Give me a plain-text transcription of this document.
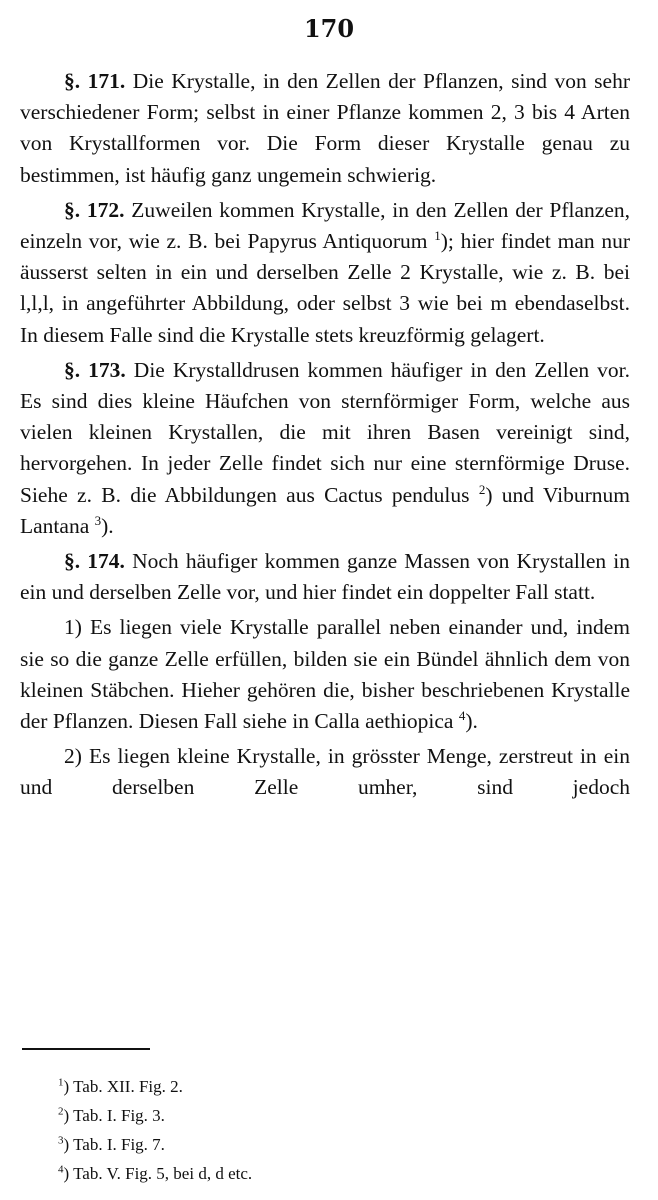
170

§. 171. Die Krystalle, in den Zellen der Pflanzen, sind von sehr verschiedener Form; selbst in einer Pflanze kommen 2, 3 bis 4 Arten von Krystallformen vor. Die Form dieser Krystalle genau zu bestimmen, ist häufig ganz ungemein schwierig.

§. 172. Zuweilen kommen Krystalle, in den Zellen der Pflanzen, einzeln vor, wie z. B. bei Papyrus Antiquorum $^1$); hier findet man nur äusserst selten in ein und derselben Zelle 2 Krystalle, wie z. B. bei l,l,l, in angeführter Abbildung, oder selbst 3 wie bei m ebendaselbst. In diesem Falle sind die Krystalle stets kreuzförmig gelagert.

§. 173. Die Krystalldrusen kommen häufiger in den Zellen vor. Es sind dies kleine Häufchen von sternförmiger Form, welche aus vielen kleinen Krystallen, die mit ihren Basen vereinigt sind, hervorgehen. In jeder Zelle findet sich nur eine sternförmige Druse. Siehe z. B. die Abbildungen aus Cactus pendulus $^2$) und Viburnum Lantana $^3$).

§. 174. Noch häufiger kommen ganze Massen von Krystallen in ein und derselben Zelle vor, und hier findet ein doppelter Fall statt.

1) Es liegen viele Krystalle parallel neben einander und, indem sie so die ganze Zelle erfüllen, bilden sie ein Bündel ähnlich dem von kleinen Stäbchen. Hieher gehören die, bisher beschriebenen Krystalle der Pflanzen. Diesen Fall siehe in Calla aethiopica $^4$).

2) Es liegen kleine Krystalle, in grösster Menge, zerstreut in ein und derselben Zelle umher, sind jedoch

$^1$) Tab. XII. Fig. 2.
$^2$) Tab. I. Fig. 3.
$^3$) Tab. I. Fig. 7.
$^4$) Tab. V. Fig. 5, bei d, d etc.
